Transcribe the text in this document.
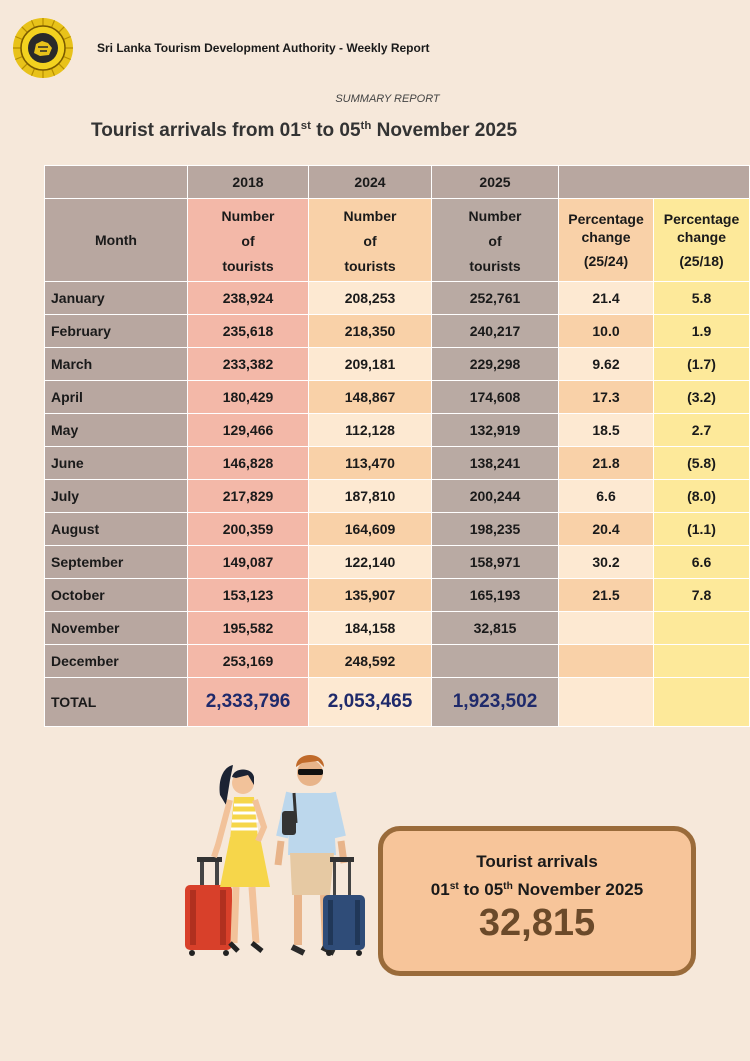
Sri Lanka Tourism Development Authority - Weekly Report
SUMMARY REPORT
Tourist arrivals from 01st to 05th November 2025
	2018	2024	2025		
Month	Number
of
tourists	Number
of
tourists	Number
of
tourists	Percentage
change
(25/24)	Percentage
change
(25/18)
January	238,924	208,253	252,761	21.4	5.8
February	235,618	218,350	240,217	10.0	1.9
March	233,382	209,181	229,298	9.62	(1.7)
April	180,429	148,867	174,608	17.3	(3.2)
May	129,466	112,128	132,919	18.5	2.7
June	146,828	113,470	138,241	21.8	(5.8)
July	217,829	187,810	200,244	6.6	(8.0)
August	200,359	164,609	198,235	20.4	(1.1)
September	149,087	122,140	158,971	30.2	6.6
October	153,123	135,907	165,193	21.5	7.8
November	195,582	184,158	32,815		
December	253,169	248,592			
TOTAL	2,333,796	2,053,465	1,923,502		
Tourist arrivals
01st to 05th November 2025
32,815
